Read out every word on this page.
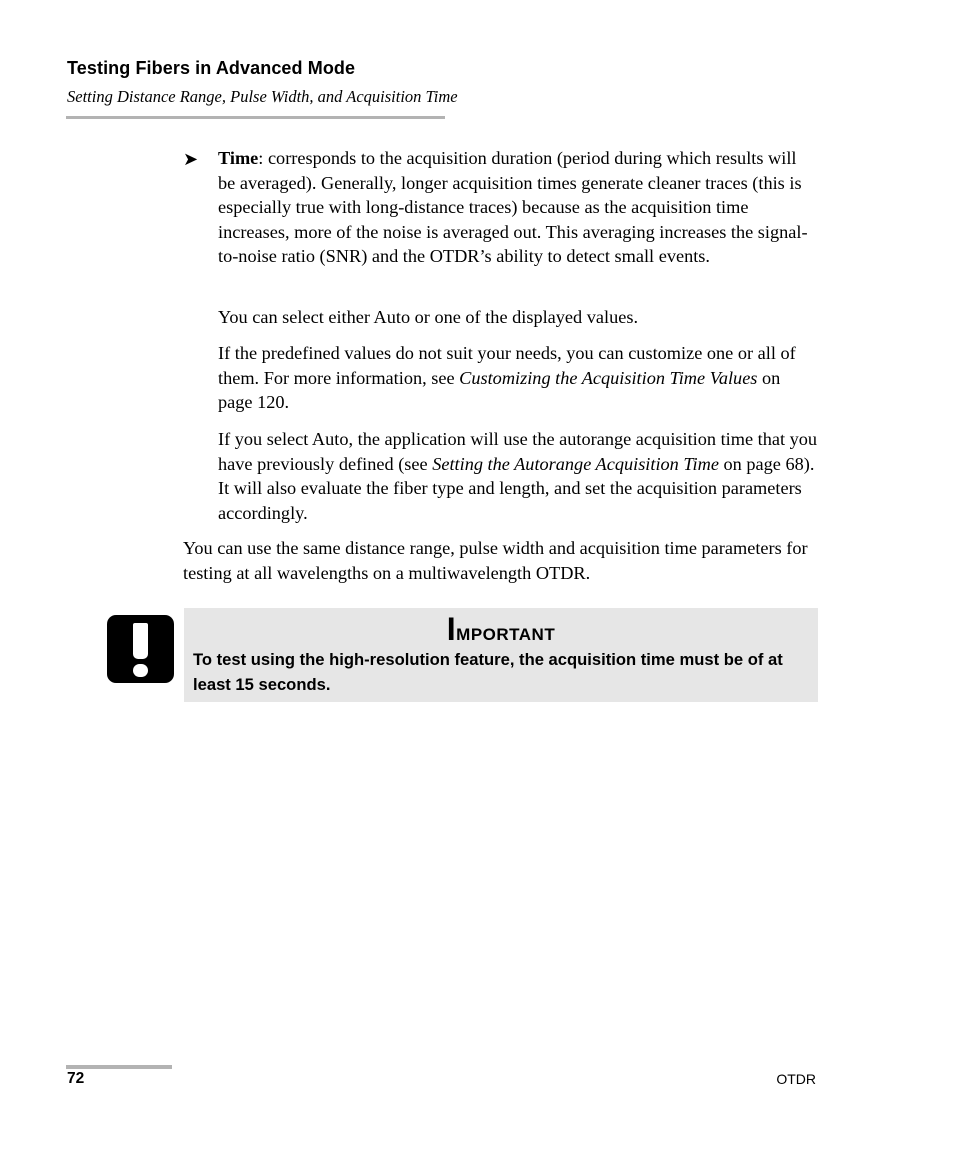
Testing Fibers in Advanced Mode
Setting Distance Range, Pulse Width, and Acquisition Time
➤ Time: corresponds to the acquisition duration (period during which results will be averaged). Generally, longer acquisition times generate cleaner traces (this is especially true with long-distance traces) because as the acquisition time increases, more of the noise is averaged out. This averaging increases the signal-to-noise ratio (SNR) and the OTDR’s ability to detect small events.

You can select either Auto or one of the displayed values.

If the predefined values do not suit your needs, you can customize one or all of them. For more information, see Customizing the Acquisition Time Values on page 120.

If you select Auto, the application will use the autorange acquisition time that you have previously defined (see Setting the Autorange Acquisition Time on page 68). It will also evaluate the fiber type and length, and set the acquisition parameters accordingly.

You can use the same distance range, pulse width and acquisition time parameters for testing at all wavelengths on a multiwavelength OTDR.

Important

To test using the high-resolution feature, the acquisition time must be of at least 15 seconds.

72	OTDR
